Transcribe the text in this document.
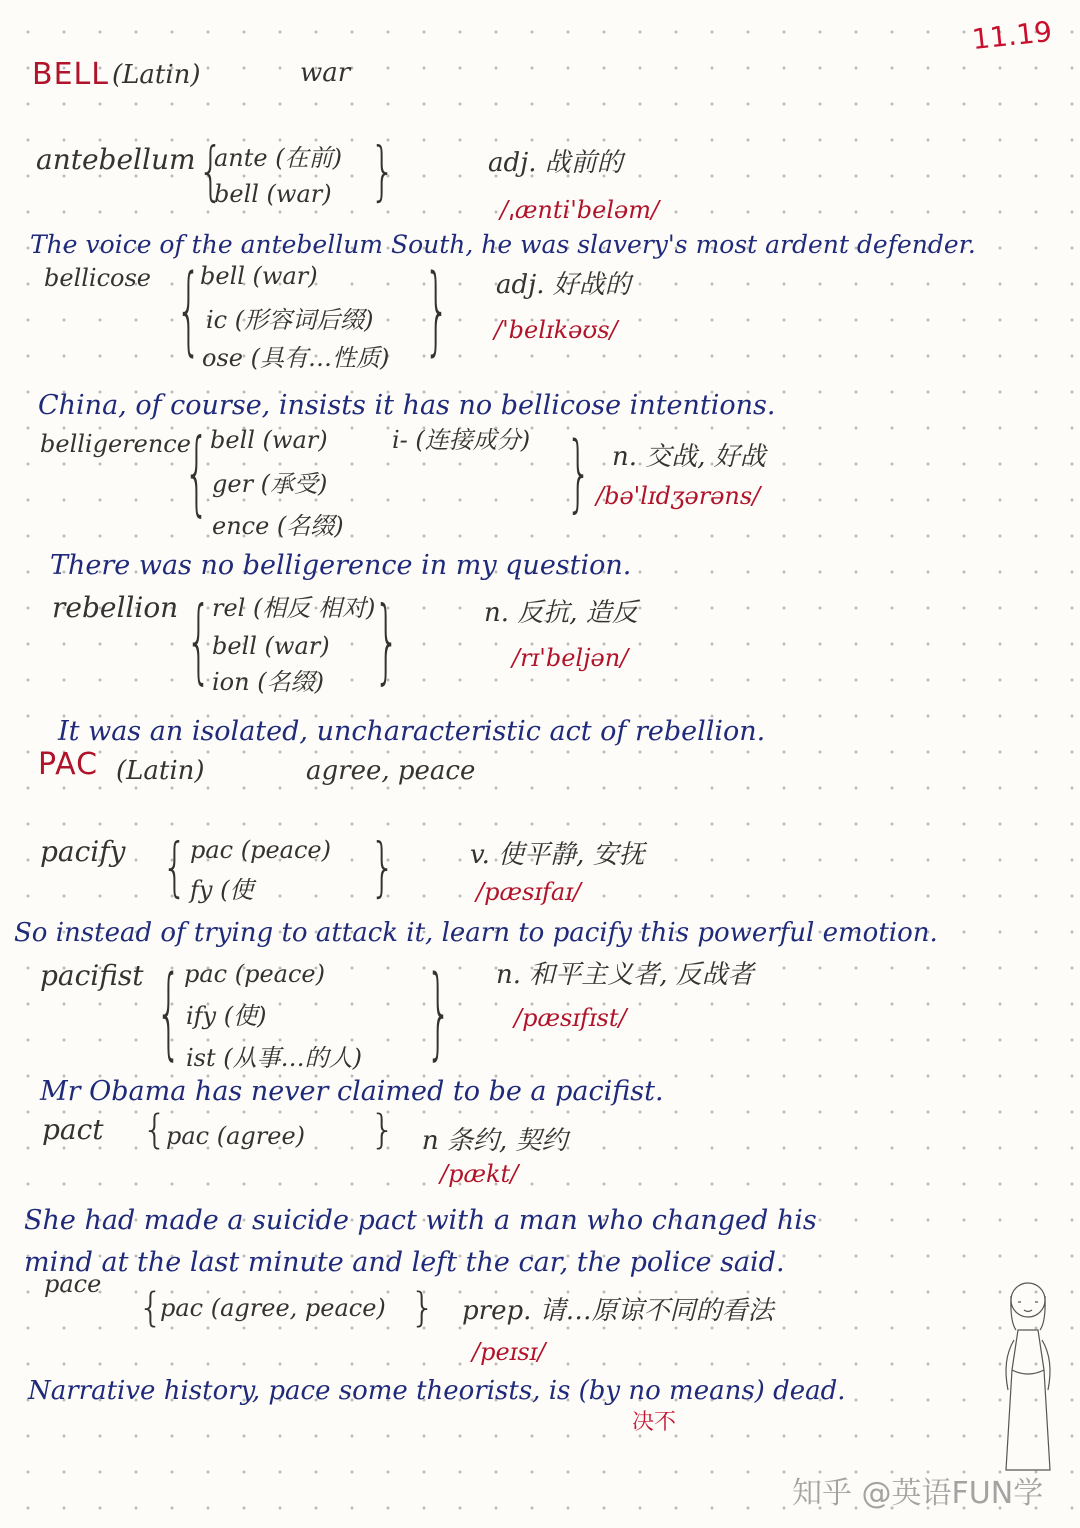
11.19
BELL (Latin)	war
antebellum {
ante (在前)
bell (war) }	adj. 战前的
/ˌænti'beləm/
The voice of the antebellum South, he was slavery's most ardent defender.
bellicose {
bell (war)
ic (形容词后缀)
ose (具有…性质) } adj. 好战的
/'belɪkəʊs/
China, of course, insists it has no bellicose intentions.
belligerence
{ bell (war)
ger (承受)
ence (名缀)
i- (连接成分) } n. 交战, 好战
/bə'lɪdʒərəns/
There was no belligerence in my question.
rebellion { rel (相反 相对)
bell (war)
ion (名缀) }	n. 反抗, 造反
/rɪ'beljən/
It was an isolated, uncharacteristic act of rebellion.
PAC (Latin)	agree, peace
pacify { pac (peace)
fy (使	}	v. 使平静, 安抚
/pæsɪfaɪ/
So instead of trying to attack it, learn to pacify this powerful emotion.
pacifist { pac (peace)
ify (使)
ist (从事…的人) } n. 和平主义者, 反战者
/pæsɪfɪst/
Mr Obama has never claimed to be a pacifist.
pact {
pac (agree) } n 条约, 契约
/pækt/
She had made a suicide pact with a man who changed his mind at the last minute and left the car, the police said.
pace
{
pac (agree, peace) } prep. 请…原谅不同的看法
/peɪsɪ/
Narrative history, pace some theorists, is (by no means) dead.
决不
知乎 @英语FUN学
